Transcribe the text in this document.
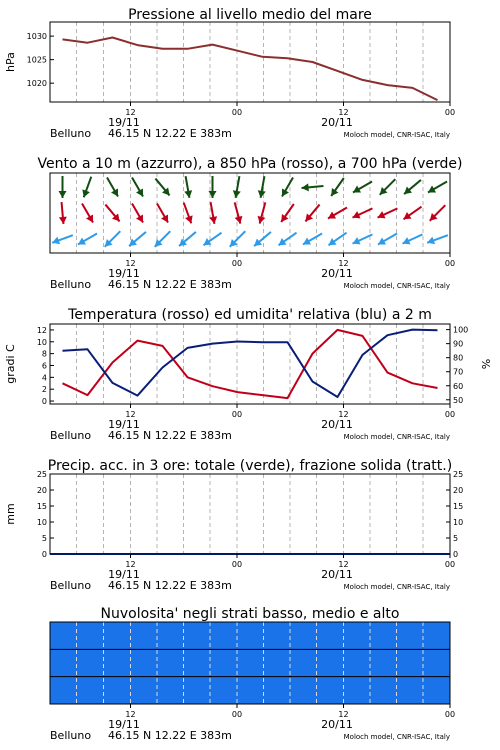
Pressione al livello medio del mare
1020
1025
1030
hPa
12	00	12	00
19/11	20/11
Belluno 46.15 N 12.22 E 383m	Moloch model, CNR-ISAC, Italy
Vento a 10 m (azzurro), a 850 hPa (rosso), a 700 hPa (verde)
12	00	12	00
19/11	20/11
Belluno 46.15 N 12.22 E 383m	Moloch model, CNR-ISAC, Italy
Temperatura (rosso) ed umidita' relativa (blu) a 2 m
0
2
4
6
8
10
12
50
60
70
80
90
100
gradi C	%
12	00	12	00
19/11	20/11
Belluno 46.15 N 12.22 E 383m	Moloch model, CNR-ISAC, Italy
Precip. acc. in 3 ore: totale (verde), frazione solida (tratt.)
0
5
10
15
20
25
0
5
10
15
20
25
mm
12	00	12	00
19/11	20/11
Belluno 46.15 N 12.22 E 383m	Moloch model, CNR-ISAC, Italy
Nuvolosita' negli strati basso, medio e alto
12	00	12	00
19/11	20/11
Belluno 46.15 N 12.22 E 383m	Moloch model, CNR-ISAC, Italy
